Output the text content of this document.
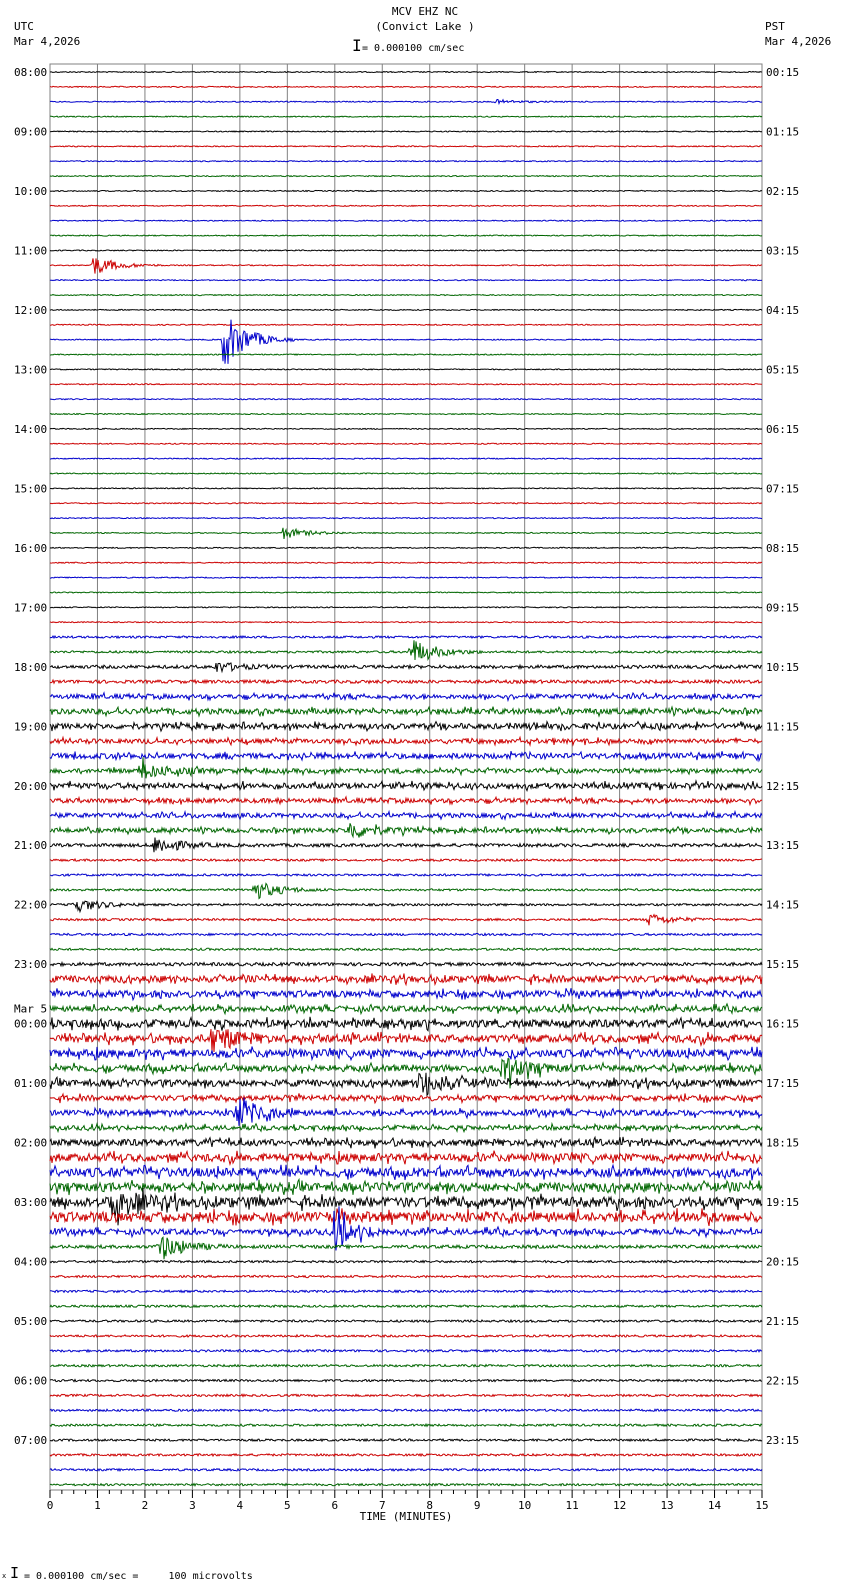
08:00
09:00
10:00
11:00
12:00
13:00
14:00
15:00
16:00
17:00
18:00
19:00
20:00
21:00
22:00
23:00
00:00
Mar 5
01:00
02:00
03:00
04:00
05:00
06:00
07:00
00:15
01:15
02:15
03:15
04:15
05:15
06:15
07:15
08:15
09:15
10:15
11:15
12:15
13:15
14:15
15:15
16:15
17:15
18:15
19:15
20:15
21:15
22:15
23:15
0	1	2	3	4	5	6	7	8	9	10	11	12	13	14	15
TIME (MINUTES)
MCV EHZ NC
(Convict Lake )
I = 0.000100 cm/sec
UTC
Mar 4,2026
PST
Mar 4,2026
x I = 0.000100 cm/sec =     100 microvolts
